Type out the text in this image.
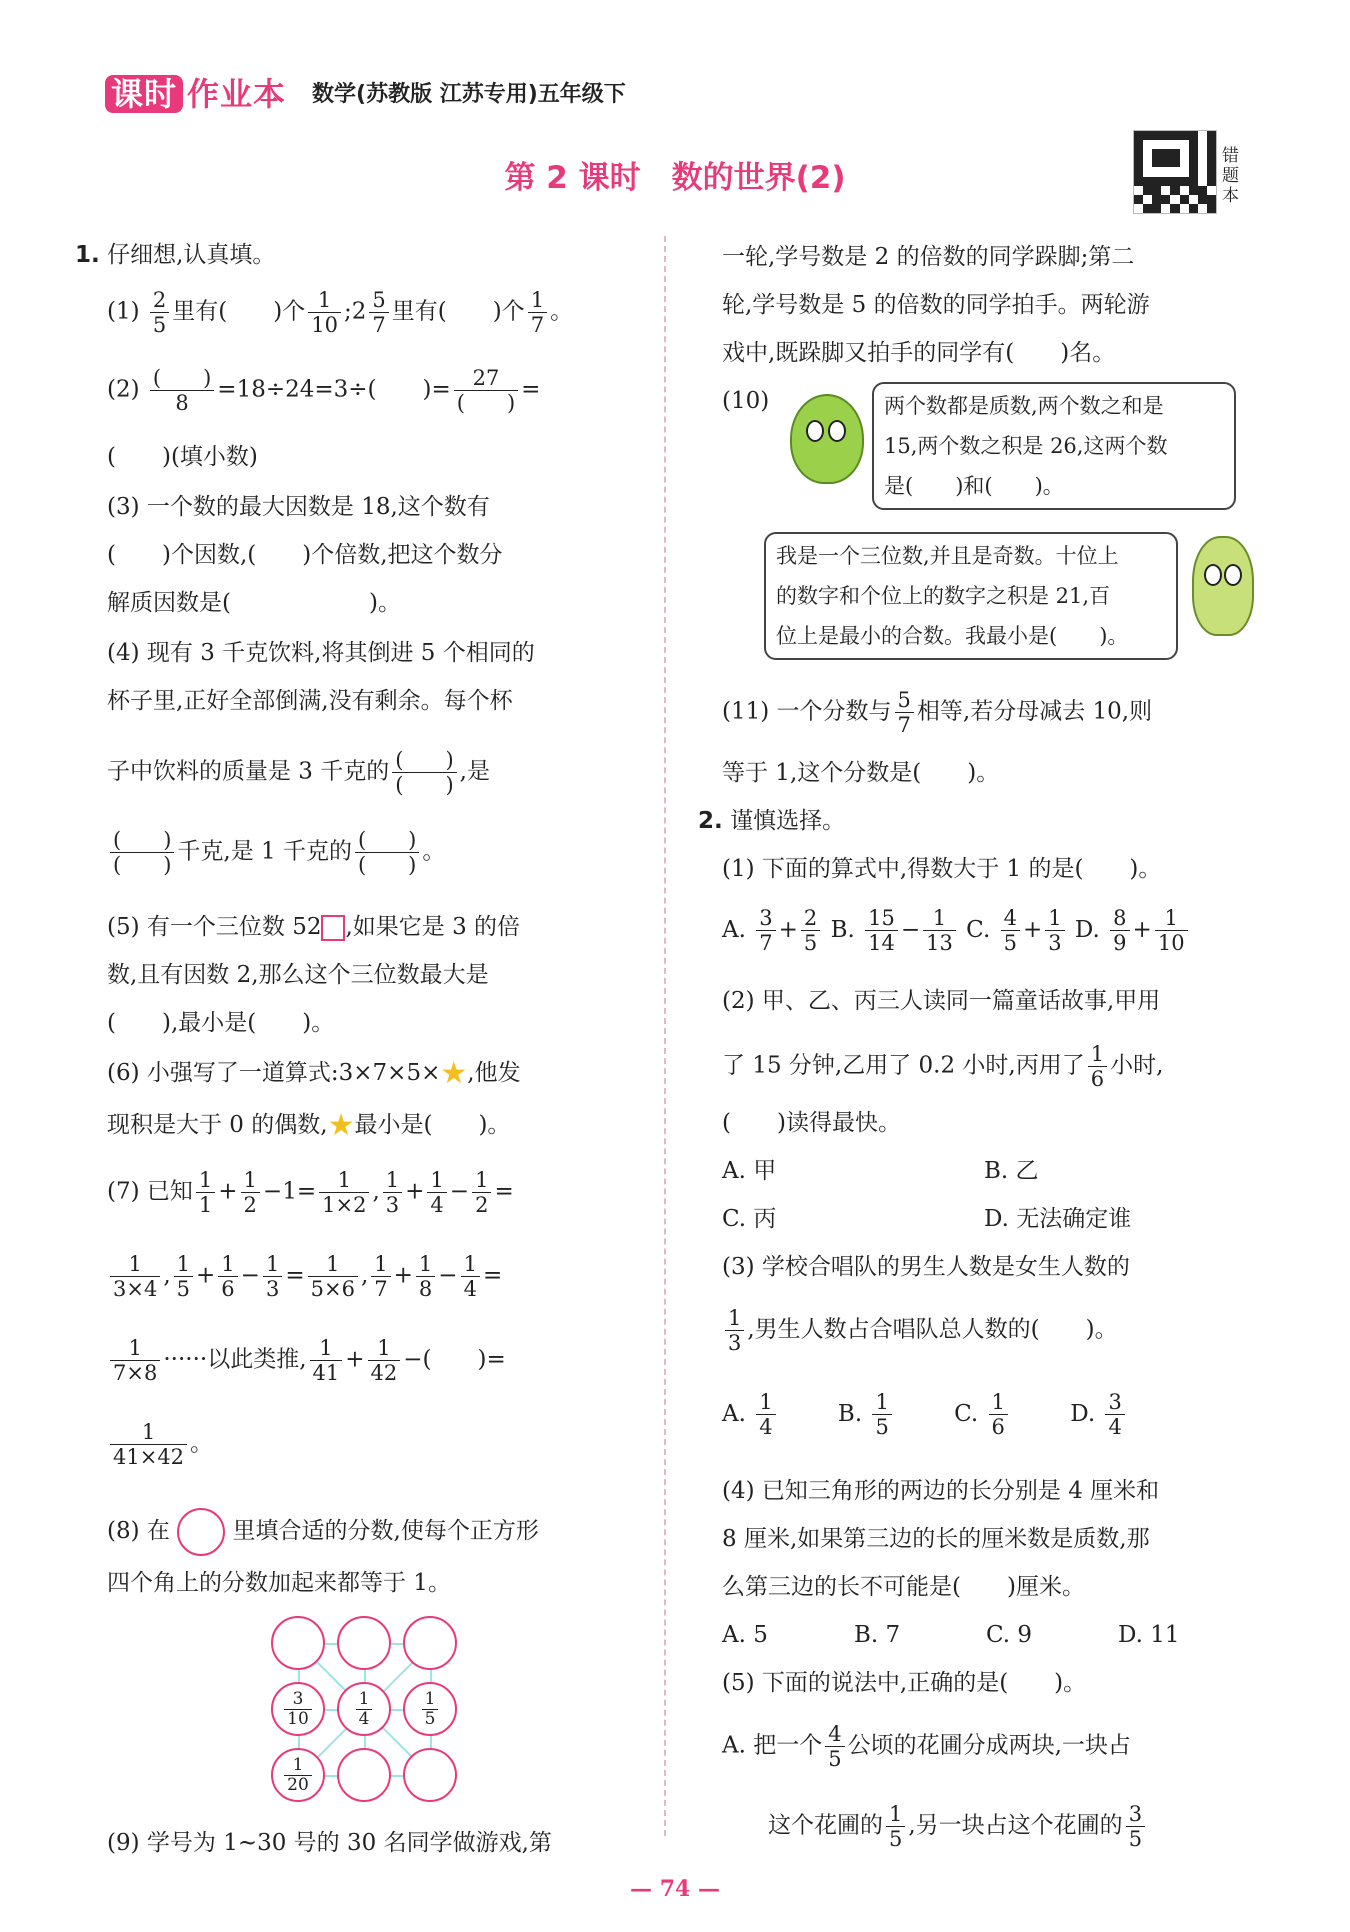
课时 作业本 数学(苏教版 江苏专用)五年级下
第 2 课时　数的世界(2)
错题本
1. 仔细想,认真填。
$(1) \frac{2}{5}$ 里有(　　)个 $\frac{1}{10}$ ;2 $\frac{5}{7}$ 里有(　　)个 $\frac{1}{7}$ 。
(2) (　　)
8
=18÷24=3÷(　　)=	27
(　　)
=
(　　)(填小数)
(3) 一个数的最大因数是 18,这个数有
(　　)个因数,(　　)个倍数,把这个数分
解质因数是(　　　　　　)。
(4) 现有 3 千克饮料,将其倒进 5 个相同的
杯子里,正好全部倒满,没有剩余。每个杯
子中饮料的质量是 3 千克的 (　　)
(　　)
,是
(　　)
(　　)
千克,是 1 千克的 (　　)
(　　)
。
(5) 有一个三位数 52 ,如果它是 3 的倍
数,且有因数 2,那么这个三位数最大是
(　　),最小是(　　)。
(6) 小强写了一道算式:3×7×5×★,他发
现积是大于 0 的偶数,★最小是(　　)。
(7) 已知 $\frac{1}{1} + \frac{1}{2} -1= \frac{1}{1\times 2}$ , $\frac{1}{3} + \frac{1}{4} - \frac{1}{2}$ =
$\frac{1}{3\times 4}$ , $\frac{1}{5} + \frac{1}{6} - \frac{1}{3} = \frac{1}{5\times 6}$ , $\frac{1}{7} + \frac{1}{8} - \frac{1}{4}$ =
$\frac{1}{7\times 8}$ ······以此类推, $\frac{1}{41} + \frac{1}{42}$ −(　　)=
$\frac{1}{41\times 42}$ 。
(8) 在	里填合适的分数,使每个正方形
四个角上的分数加起来都等于 1。
3
10
1
4
1
5
1
20
(9) 学号为 1~30 号的 30 名同学做游戏,第
一轮,学号数是 2 的倍数的同学跺脚;第二
轮,学号数是 5 的倍数的同学拍手。两轮游
戏中,既跺脚又拍手的同学有(　　)名。
(10)	两个数都是质数,两个数之和是
15,两个数之积是 26,这两个数
是(　　)和(　　)。
我是一个三位数,并且是奇数。十位上
的数字和个位上的数字之积是 21,百
位上是最小的合数。我最小是(　　)。
(11) 一个分数与 $\frac{5}{7}$ 相等,若分母减去 10,则
等于 1,这个分数是(　　)。
2. 谨慎选择。
(1) 下面的算式中,得数大于 1 的是(　　)。
A. $\frac{3}{7} + \frac{2}{5} B$. $\frac{15}{14} - \frac{1}{13} C$. $\frac{4}{5} + \frac{1}{3} D$. $\frac{8}{9} + \frac{1}{10}$
(2) 甲、乙、丙三人读同一篇童话故事,甲用
了 15 分钟,乙用了 0.2 小时,丙用了 $\frac{1}{6}$ 小时,
(　　)读得最快。
A. 甲	B. 乙
C. 丙	D. 无法确定谁
(3) 学校合唱队的男生人数是女生人数的
$\frac{1}{3}$ ,男生人数占合唱队总人数的(　　)。
A. $\frac{1}{4}$	B. $\frac{1}{5}$	C. $\frac{1}{6}$	D. $\frac{3}{4}$
(4) 已知三角形的两边的长分别是 4 厘米和
8 厘米,如果第三边的长的厘米数是质数,那
么第三边的长不可能是(　　)厘米。
A. 5	B. 7	C. 9	D. 11
(5) 下面的说法中,正确的是(　　)。
A. 把一个 $\frac{4}{5}$ 公顷的花圃分成两块,一块占
这个花圃的 $\frac{1}{5}$ ,另一块占这个花圃的 $\frac{3}{5}$
— 74 —
